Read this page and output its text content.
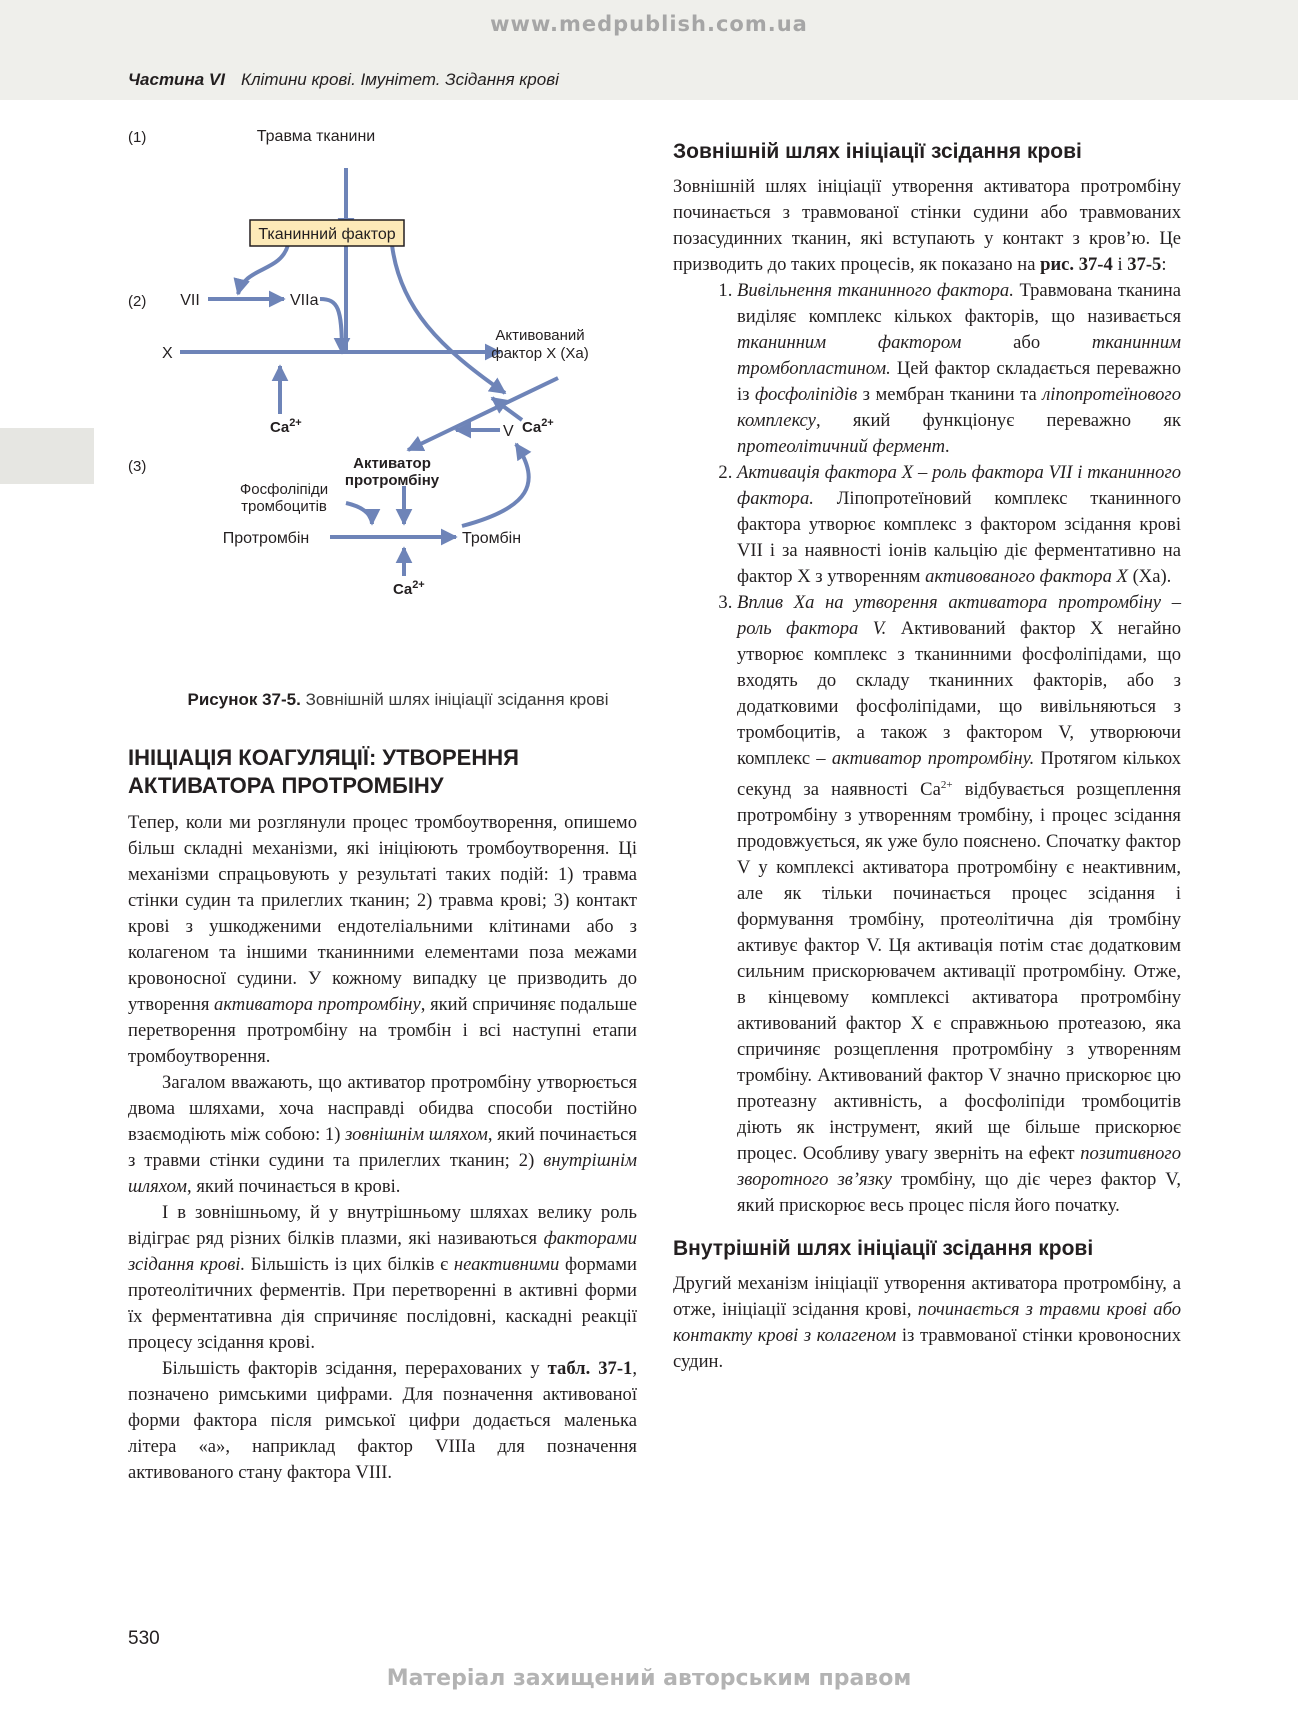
www.medpublish.com.ua
Частина VI Клітини крові. Імунітет. Зсідання крові
Тканинний фактор
(1)
(2)
(3)
Травма тканини
VII	VIIa
X
Активований
фактор X (Xa)
$Ca^{2+}$	V $Ca^{2+}$
Активатор
протромбіну
Фосфоліпіди
тромбоцитів
Протромбін	Тромбін
$Ca^{2+}$
Рисунок 37-5. Зовнішній шлях ініціації зсідання крові
ІНІЦІАЦІЯ КОАГУЛЯЦІЇ: УТВОРЕННЯ
АКТИВАТОРА ПРОТРОМБІНУ

Тепер, коли ми розглянули процес тромбоутворення, опишемо більш складні механізми, які ініціюють тромбоутворення. Ці механізми спрацьовують у результаті таких подій: 1) травма стінки судин та прилеглих тканин; 2) травма крові; 3) контакт крові з ушкодженими ендотеліальними клітинами або з колагеном та іншими тканинними елементами поза межами кровоносної судини. У кожному випадку це призводить до утворення активатора протромбіну, який спричиняє подальше перетворення протромбіну на тромбін і всі наступні етапи тромбоутворення.

Загалом вважають, що активатор протромбіну утворюється двома шляхами, хоча насправді обидва способи постійно взаємодіють між собою: 1) зовнішнім шляхом, який починається з травми стінки судини та прилеглих тканин; 2) внутрішнім шляхом, який починається в крові.

І в зовнішньому, й у внутрішньому шляхах велику роль відіграє ряд різних білків плазми, які називаються факторами зсідання крові. Більшість із цих білків є неактивними формами протеолітичних ферментів. При перетворенні в активні форми їх ферментативна дія спричиняє послідовні, каскадні реакції процесу зсідання крові.

Більшість факторів зсідання, перерахованих у табл. 37-1, позначено римськими цифрами. Для позначення активованої форми фактора після римської цифри додається маленька літера «а», наприклад фактор VIIIa для позначення активованого стану фактора VIII.

Зовнішній шлях ініціації зсідання крові

Зовнішній шлях ініціації утворення активатора протромбіну починається з травмованої стінки судини або травмованих позасудинних тканин, які вступають у контакт з кров’ю. Це призводить до таких процесів, як показано на рис. 37-4 і 37-5:

1. Вивільнення тканинного фактора. Травмована тканина виділяє комплекс кількох факторів, що називається тканинним фактором або тканинним тромбопластином. Цей фактор складається переважно із фосфоліпідів з мембран тканини та ліпопротеїнового комплексу, який функціонує переважно як протеолітичний фермент.
2. Активація фактора X – роль фактора VII і тканинного фактора. Ліпопротеїновий комплекс тканинного фактора утворює комплекс з фактором зсідання крові VII і за наявності іонів кальцію діє ферментативно на фактор X з утворенням активованого фактора X (Xa).
3. Вплив Xa на утворення активатора протромбіну – роль фактора V. Активований фактор X негайно утворює комплекс з тканинними фосфоліпідами, що входять до складу тканинних факторів, або з додатковими фосфоліпідами, що вивільняються з тромбоцитів, а також з фактором V, утворюючи комплекс – активатор протромбіну. Протягом кількох секунд за наявності $Ca^{2+}$ відбувається розщеплення протромбіну з утворенням тромбіну, і процес зсідання продовжується, як уже було пояснено. Спочатку фактор V у комплексі активатора протромбіну є неактивним, але як тільки починається процес зсідання і формування тромбіну, протеолітична дія тромбіну активує фактор V. Ця активація потім стає додатковим сильним прискорювачем активації протромбіну. Отже, в кінцевому комплексі активатора протромбіну активований фактор X є справжньою протеазою, яка спричиняє розщеплення протромбіну з утворенням тромбіну. Активований фактор V значно прискорює цю протеазну активність, а фосфоліпіди тромбоцитів діють як інструмент, який ще більше прискорює процес. Особливу увагу зверніть на ефект позитивного зворотного зв’язку тромбіну, що діє через фактор V, який прискорює весь процес після його початку.
Внутрішній шлях ініціації зсідання крові

Другий механізм ініціації утворення активатора протромбіну, а отже, ініціації зсідання крові, починається з травми крові або контакту крові з колагеном із травмованої стінки кровоносних судин.

530
Матеріал захищений авторським правом
